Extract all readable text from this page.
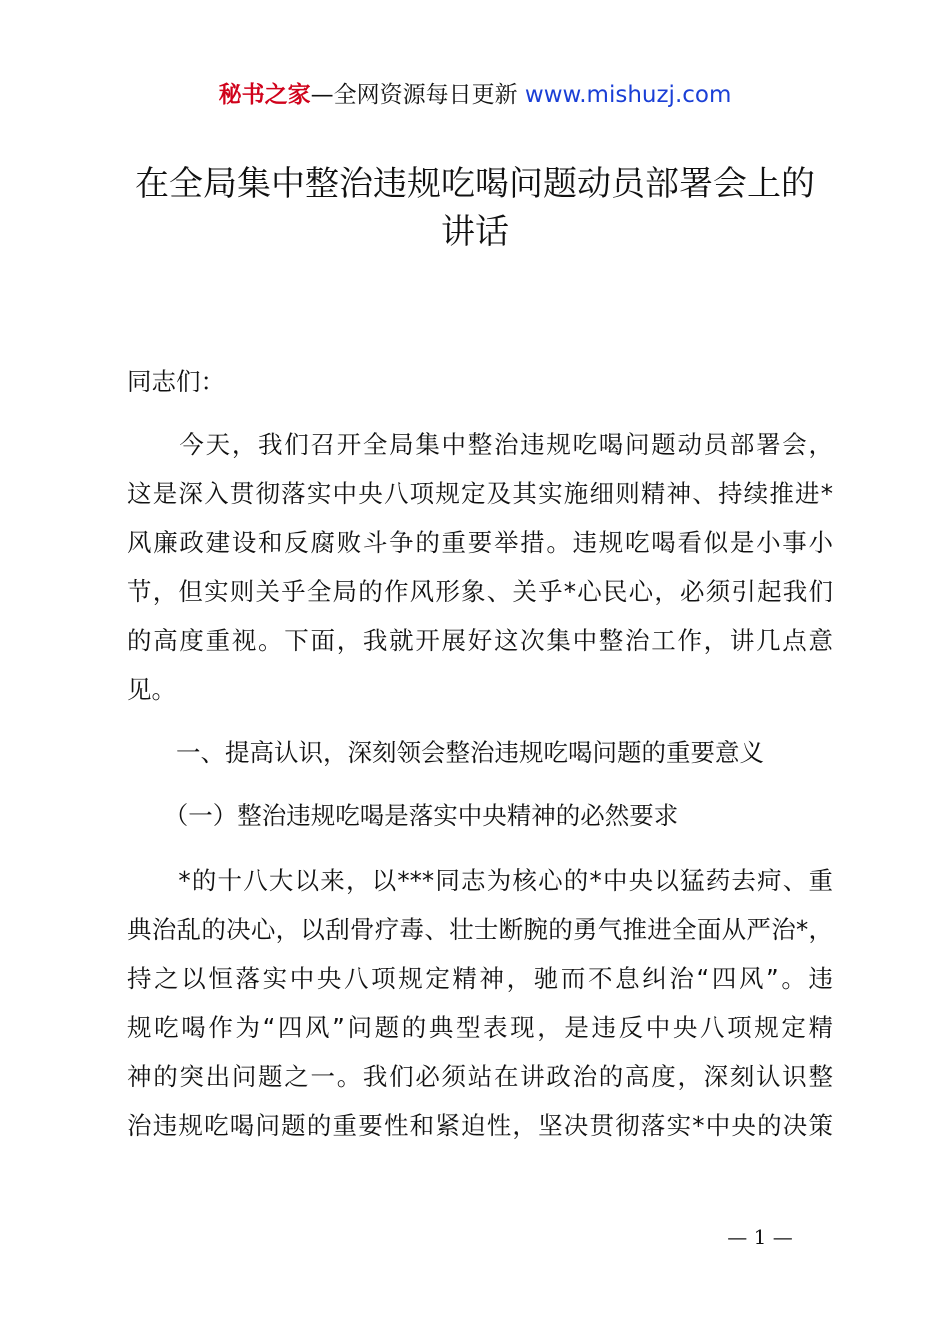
秘书之家—全网资源每日更新 www.mishuzj.com
在全局集中整治违规吃喝问题动员部署会上的
讲话
同志们：
　　今天，我们召开全局集中整治违规吃喝问题动员部署会，
这是深入贯彻落实中央八项规定及其实施细则精神、持续推进*
风廉政建设和反腐败斗争的重要举措。违规吃喝看似是小事小
节，但实则关乎全局的作风形象、关乎*心民心，必须引起我们
的高度重视。下面，我就开展好这次集中整治工作，讲几点意
见。
　　一、提高认识，深刻领会整治违规吃喝问题的重要意义
　　（一）整治违规吃喝是落实中央精神的必然要求
　　*的十八大以来，以***同志为核心的*中央以猛药去疴、重
典治乱的决心，以刮骨疗毒、壮士断腕的勇气推进全面从严治*，
持之以恒落实中央八项规定精神，驰而不息纠治“四风”。违
规吃喝作为“四风”问题的典型表现，是违反中央八项规定精
神的突出问题之一。我们必须站在讲政治的高度，深刻认识整
治违规吃喝问题的重要性和紧迫性，坚决贯彻落实*中央的决策
— 1 —
